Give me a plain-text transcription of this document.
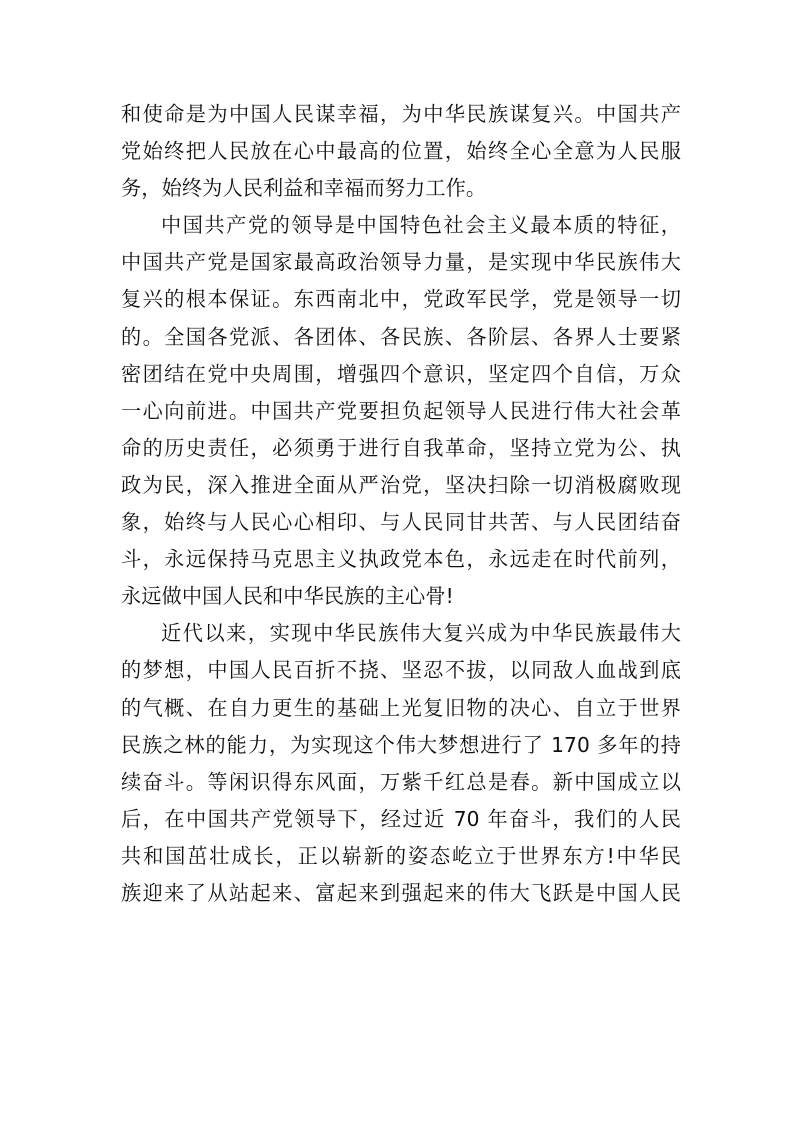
和使命是为中国人民谋幸福，为中华民族谋复兴。中国共产
党始终把人民放在心中最高的位置，始终全心全意为人民服
务，始终为人民利益和幸福而努力工作。
中国共产党的领导是中国特色社会主义最本质的特征，
中国共产党是国家最高政治领导力量，是实现中华民族伟大
复兴的根本保证。东西南北中，党政军民学，党是领导一切
的。全国各党派、各团体、各民族、各阶层、各界人士要紧
密团结在党中央周围，增强四个意识，坚定四个自信，万众
一心向前进。中国共产党要担负起领导人民进行伟大社会革
命的历史责任，必须勇于进行自我革命，坚持立党为公、执
政为民，深入推进全面从严治党，坚决扫除一切消极腐败现
象，始终与人民心心相印、与人民同甘共苦、与人民团结奋
斗，永远保持马克思主义执政党本色，永远走在时代前列，
永远做中国人民和中华民族的主心骨!
近代以来，实现中华民族伟大复兴成为中华民族最伟大
的梦想，中国人民百折不挠、坚忍不拔，以同敌人血战到底
的气概、在自力更生的基础上光复旧物的决心、自立于世界
民族之林的能力，为实现这个伟大梦想进行了 170 多年的持
续奋斗。等闲识得东风面，万紫千红总是春。新中国成立以
后，在中国共产党领导下，经过近 70 年奋斗，我们的人民
共和国茁壮成长，正以崭新的姿态屹立于世界东方!中华民
族迎来了从站起来、富起来到强起来的伟大飞跃是中国人民
